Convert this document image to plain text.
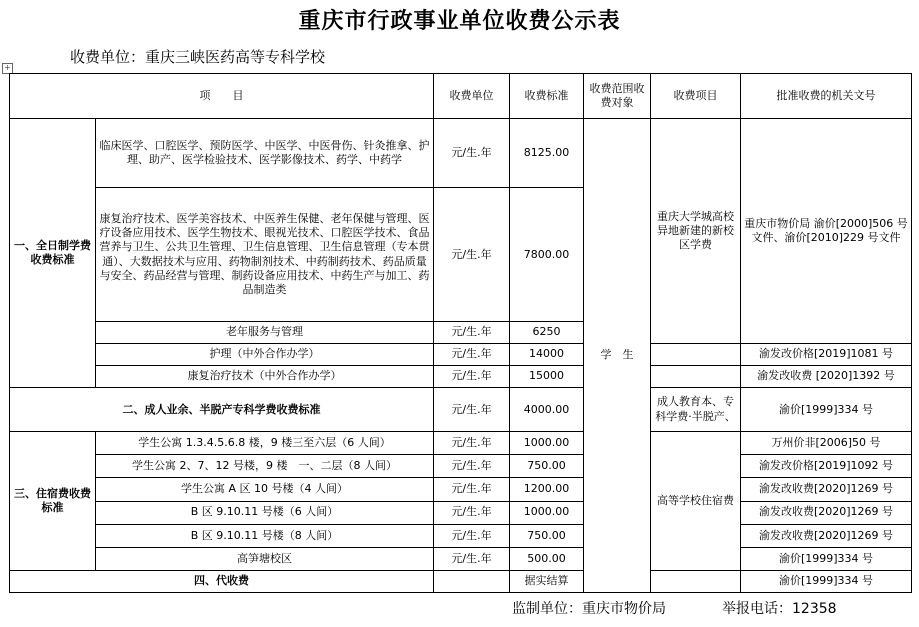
重庆市行政事业单位收费公示表
收费单位：重庆三峡医药高等专科学校
+
项　　目		收费单位	收费标准	收费范围收费对象	收费项目	批准收费的机关文号
一、全日制学费收费标准	临床医学、口腔医学、预防医学、中医学、中医骨伤、针灸推拿、护理、助产、医学检验技术、医学影像技术、药学、中药学	元/生.年	8125.00	学　生	重庆大学城高校异地新建的新校区学费	重庆市物价局 渝价[2000]506 号文件、渝价[2010]229 号文件
	康复治疗技术、医学美容技术、中医养生保健、老年保健与管理、医疗设备应用技术、医学生物技术、眼视光技术、口腔医学技术、食品营养与卫生、公共卫生管理、卫生信息管理、卫生信息管理（专本贯通）、大数据技术与应用、药物制剂技术、中药制药技术、药品质量与安全、药品经营与管理、制药设备应用技术、中药生产与加工、药品制造类	元/生.年	7800.00			
	老年服务与管理	元/生.年	6250			
	护理（中外合作办学）	元/生.年	14000			渝发改价格[2019]1081 号
	康复治疗技术（中外合作办学）	元/生.年	15000			渝发改收费 [2020]1392 号
二、成人业余、半脱产专科学费收费标准		元/生.年	4000.00		成人教育本、专科学费·半脱产、	渝价[1999]334 号
三、住宿费收费标准	学生公寓 1.3.4.5.6.8 楼，9 楼三至六层（6 人间）	元/生.年	1000.00		高等学校住宿费	万州价非[2006]50 号
	学生公寓 2、7、12 号楼，9 楼　一、二层（8 人间）	元/生.年	750.00			渝发改价格[2019]1092 号
	学生公寓 A 区 10 号楼（4 人间）	元/生.年	1200.00			渝发改收费[2020]1269 号
	B 区 9.10.11 号楼（6 人间）	元/生.年	1000.00			渝发改收费[2020]1269 号
	B 区 9.10.11 号楼（8 人间）	元/生.年	750.00			渝发改收费[2020]1269 号
	高笋塘校区	元/生.年	500.00			渝价[1999]334 号
四、代收费			据实结算			渝价[1999]334 号
监制单位：重庆市物价局	举报电话：12358
